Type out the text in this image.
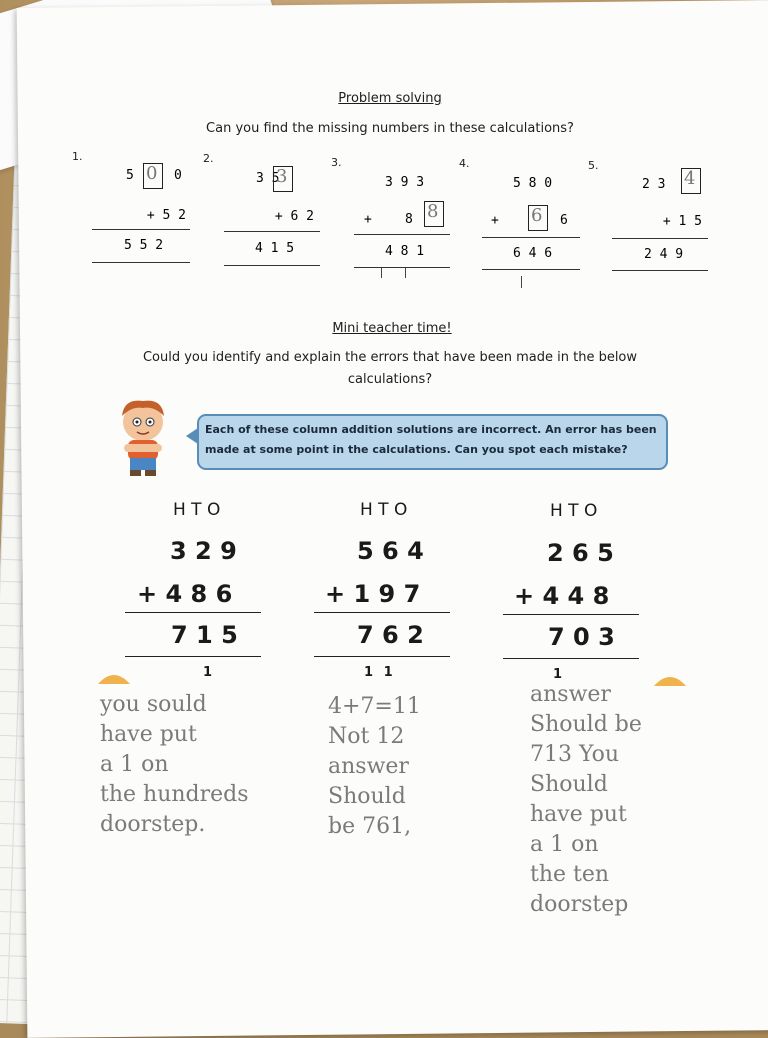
Problem solving
Can you find the missing numbers in these calculations?
1.
5 0 0
+ 5 2
5 5 2
2.
3 5
3
+ 6 2
4 1 5
3.
3 9 3
+	8 8
4 8 1
4.
5 8 0
+ 6 6
6 4 6
5.
2 3 4
+ 1 5
2 4 9
Mini teacher time!
Could you identify and explain the errors that have been made in the below
calculations?
Each of these column addition solutions are incorrect. An error has been
made at some point in the calculations. Can you spot each mistake?
H T O
3 2 9
+ 4 8 6
7 1 5
1
H T O
5 6 4
+ 1 9 7
7 6 2
1 1
H T O
2 6 5
+ 4 4 8
7 0 3
1
you sould
have put
a 1 on
the hundreds
doorstep.
4+7=11
Not 12
answer
Should
be 761,
answer
Should be
713 You
Should
have put
a 1 on
the ten
doorstep
